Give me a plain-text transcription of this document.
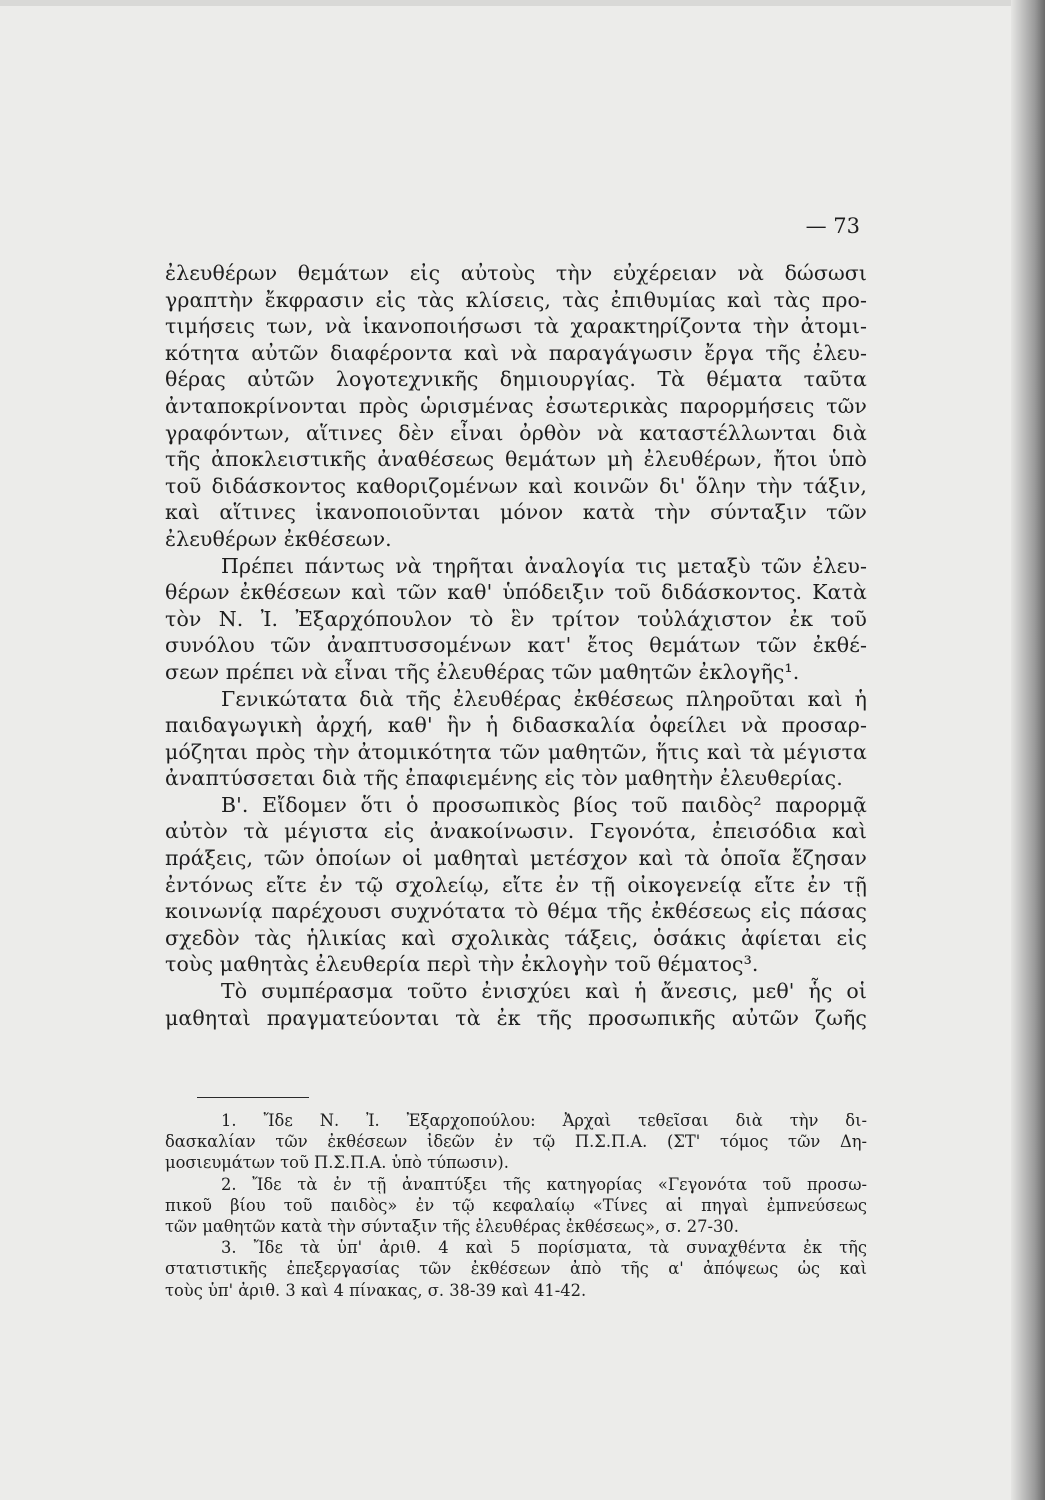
— 73
ἐλευθέρων θεμάτων εἰς αὐτοὺς τὴν εὐχέρειαν νὰ δώσωσι
γραπτὴν ἔκφρασιν εἰς τὰς κλίσεις, τὰς ἐπιθυμίας καὶ τὰς προ-
τιμήσεις των, νὰ ἱκανοποιήσωσι τὰ χαρακτηρίζοντα τὴν ἀτομι-
κότητα αὐτῶν διαφέροντα καὶ νὰ παραγάγωσιν ἔργα τῆς ἐλευ-
θέρας αὐτῶν λογοτεχνικῆς δημιουργίας. Τὰ θέματα ταῦτα
ἀνταποκρίνονται πρὸς ὡρισμένας ἐσωτερικὰς παρορμήσεις τῶν
γραφόντων, αἵτινες δὲν εἶναι ὀρθὸν νὰ καταστέλλωνται διὰ
τῆς ἀποκλειστικῆς ἀναθέσεως θεμάτων μὴ ἐλευθέρων, ἤτοι ὑπὸ
τοῦ διδάσκοντος καθοριζομένων καὶ κοινῶν δι' ὅλην τὴν τάξιν,
καὶ αἵτινες ἱκανοποιοῦνται μόνον κατὰ τὴν σύνταξιν τῶν
ἐλευθέρων ἐκθέσεων.
Πρέπει πάντως νὰ τηρῆται ἀναλογία τις μεταξὺ τῶν ἐλευ-
θέρων ἐκθέσεων καὶ τῶν καθ' ὑπόδειξιν τοῦ διδάσκοντος. Κατὰ
τὸν Ν. Ἰ. Ἐξαρχόπουλον τὸ ἓν τρίτον τοὐλάχιστον ἐκ τοῦ
συνόλου τῶν ἀναπτυσσομένων κατ' ἔτος θεμάτων τῶν ἐκθέ-
σεων πρέπει νὰ εἶναι τῆς ἐλευθέρας τῶν μαθητῶν ἐκλογῆς¹.
Γενικώτατα διὰ τῆς ἐλευθέρας ἐκθέσεως πληροῦται καὶ ἡ
παιδαγωγικὴ ἀρχή, καθ' ἣν ἡ διδασκαλία ὀφείλει νὰ προσαρ-
μόζηται πρὸς τὴν ἀτομικότητα τῶν μαθητῶν, ἥτις καὶ τὰ μέγιστα
ἀναπτύσσεται διὰ τῆς ἐπαφιεμένης εἰς τὸν μαθητὴν ἐλευθερίας.
Β'. Εἴδομεν ὅτι ὁ προσωπικὸς βίος τοῦ παιδὸς² παρορμᾷ
αὐτὸν τὰ μέγιστα εἰς ἀνακοίνωσιν. Γεγονότα, ἐπεισόδια καὶ
πράξεις, τῶν ὁποίων οἱ μαθηταὶ μετέσχον καὶ τὰ ὁποῖα ἔζησαν
ἐντόνως εἴτε ἐν τῷ σχολείῳ, εἴτε ἐν τῇ οἰκογενείᾳ εἴτε ἐν τῇ
κοινωνίᾳ παρέχουσι συχνότατα τὸ θέμα τῆς ἐκθέσεως εἰς πάσας
σχεδὸν τὰς ἡλικίας καὶ σχολικὰς τάξεις, ὁσάκις ἀφίεται εἰς
τοὺς μαθητὰς ἐλευθερία περὶ τὴν ἐκλογὴν τοῦ θέματος³.
Τὸ συμπέρασμα τοῦτο ἐνισχύει καὶ ἡ ἄνεσις, μεθ' ἧς οἱ
μαθηταὶ πραγματεύονται τὰ ἐκ τῆς προσωπικῆς αὐτῶν ζωῆς
1. Ἴδε Ν. Ἰ. Ἐξαρχοπούλου: Ἀρχαὶ τεθεῖσαι διὰ τὴν δι-
δασκαλίαν τῶν ἐκθέσεων ἰδεῶν ἐν τῷ Π.Σ.Π.Α. (ΣΤ' τόμος τῶν Δη-
μοσιευμάτων τοῦ Π.Σ.Π.Α. ὑπὸ τύπωσιν).
2. Ἴδε τὰ ἐν τῇ ἀναπτύξει τῆς κατηγορίας «Γεγονότα τοῦ προσω-
πικοῦ βίου τοῦ παιδὸς» ἐν τῷ κεφαλαίῳ «Τίνες αἱ πηγαὶ ἐμπνεύσεως
τῶν μαθητῶν κατὰ τὴν σύνταξιν τῆς ἐλευθέρας ἐκθέσεως», σ. 27-30.
3. Ἴδε τὰ ὑπ' ἀριθ. 4 καὶ 5 πορίσματα, τὰ συναχθέντα ἐκ τῆς
στατιστικῆς ἐπεξεργασίας τῶν ἐκθέσεων ἀπὸ τῆς α' ἀπόψεως ὡς καὶ
τοὺς ὑπ' ἀριθ. 3 καὶ 4 πίνακας, σ. 38-39 καὶ 41-42.
